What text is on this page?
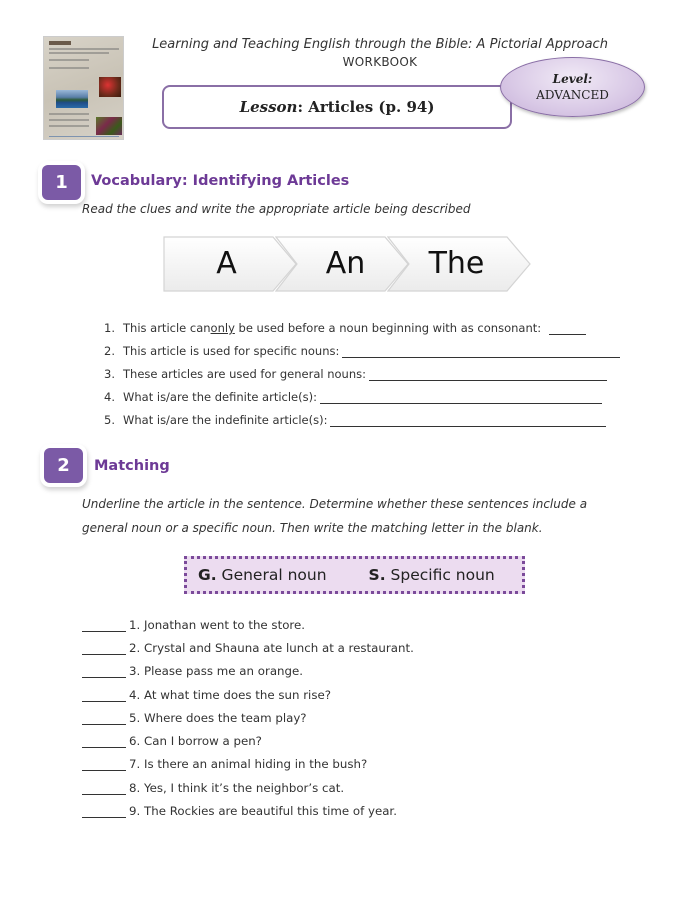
Learning and Teaching English through the Bible: A Pictorial Approach
WORKBOOK
Lesson : Articles (p. 94)
Level:
ADVANCED
1	Vocabulary: Identifying Articles
Read the clues and write the appropriate article being described
A	An The
1. This article can only be used before a noun beginning with as consonant:
2. This article is used for specific nouns:
3. These articles are used for general nouns:
4. What is/are the definite article(s):
5. What is/are the indefinite article(s):
2	Matching
Underline the article in the sentence. Determine whether these sentences include a
general noun or a specific noun. Then write the matching letter in the blank.
G. General noun	S. Specific noun
1. Jonathan went to the store.
2. Crystal and Shauna ate lunch at a restaurant.
3. Please pass me an orange.
4. At what time does the sun rise?
5. Where does the team play?
6. Can I borrow a pen?
7. Is there an animal hiding in the bush?
8. Yes, I think it’s the neighbor’s cat.
9. The Rockies are beautiful this time of year.
